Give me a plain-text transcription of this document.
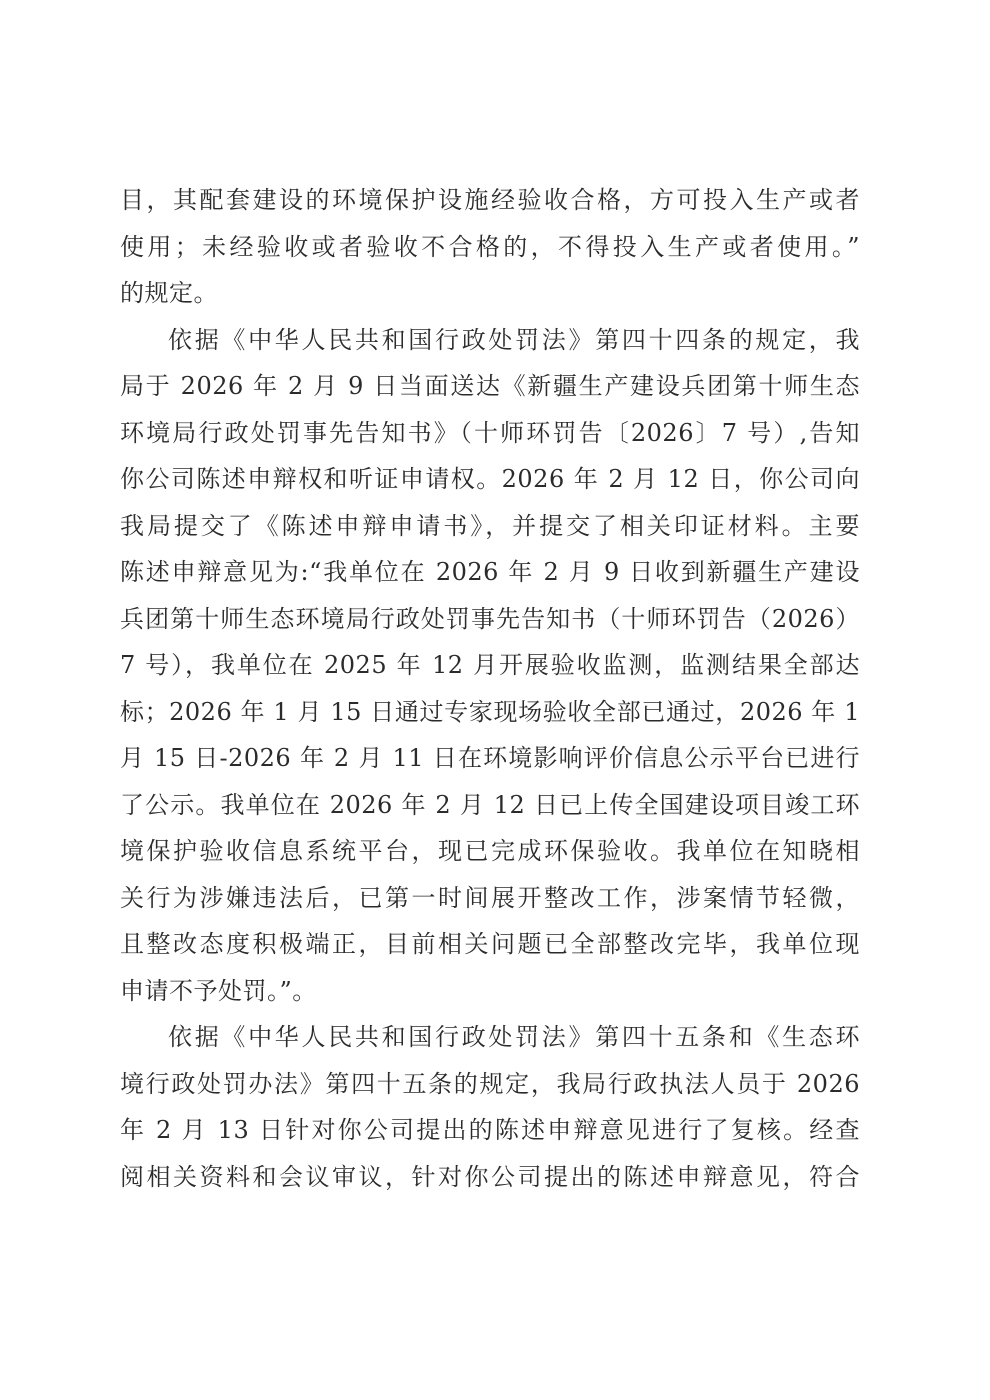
目，其配套建设的环境保护设施经验收合格，方可投入生产或者
使用；未经验收或者验收不合格的，不得投入生产或者使用。”
的规定。
依据《中华人民共和国行政处罚法》第四十四条的规定，我
局于 2026 年 2 月 9 日当面送达《新疆生产建设兵团第十师生态
环境局行政处罚事先告知书》（十师环罚告〔2026〕7 号）,告知
你公司陈述申辩权和听证申请权。2026 年 2 月 12 日，你公司向
我局提交了《陈述申辩申请书》，并提交了相关印证材料。主要
陈述申辩意见为:“我单位在 2026 年 2 月 9 日收到新疆生产建设
兵团第十师生态环境局行政处罚事先告知书（十师环罚告（2026）
7 号），我单位在 2025 年 12 月开展验收监测，监测结果全部达
标；2026 年 1 月 15 日通过专家现场验收全部已通过，2026 年 1
月 15 日-2026 年 2 月 11 日在环境影响评价信息公示平台已进行
了公示。我单位在 2026 年 2 月 12 日已上传全国建设项目竣工环
境保护验收信息系统平台，现已完成环保验收。我单位在知晓相
关行为涉嫌违法后，已第一时间展开整改工作，涉案情节轻微，
且整改态度积极端正，目前相关问题已全部整改完毕，我单位现
申请不予处罚。”。
依据《中华人民共和国行政处罚法》第四十五条和《生态环
境行政处罚办法》第四十五条的规定，我局行政执法人员于 2026
年 2 月 13 日针对你公司提出的陈述申辩意见进行了复核。经查
阅相关资料和会议审议，针对你公司提出的陈述申辩意见，符合
